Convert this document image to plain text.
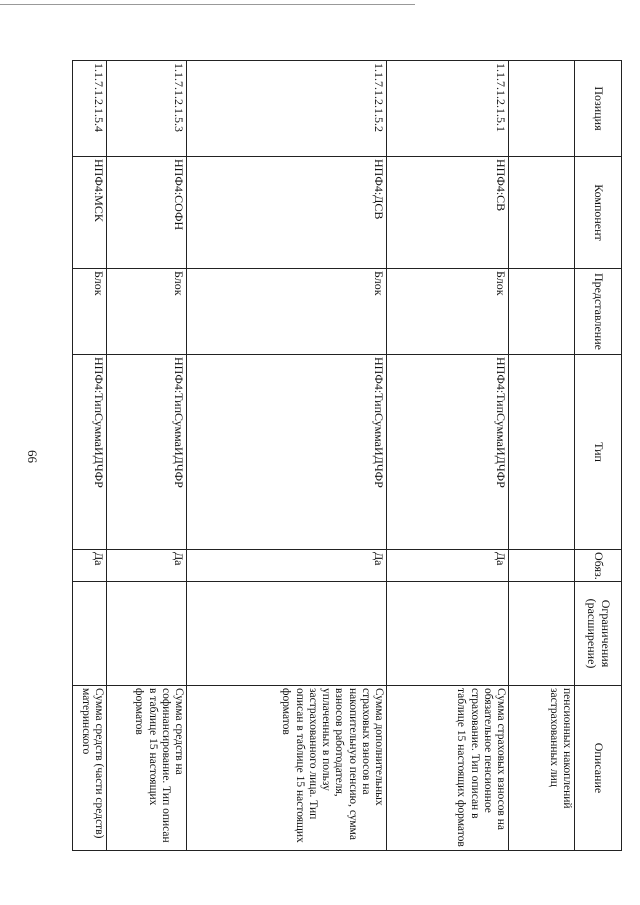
66
Позиция	Компонент	Представление	Тип	Обяз.	Ограничения (расширение)	Описание
						пенсионных накоплений застрахованных лиц
1.1.7.1.2.1.5.1	НПФ4:СВ	Блок	НПФ4:ТипСуммаИДЧФР	Да		Сумма страховых взносов на обязательное пенсионное страхование. Тип описан в таблице 15 настоящих форматов
1.1.7.1.2.1.5.2	НПФ4:ДСВ	Блок	НПФ4:ТипСуммаИДЧФР	Да		Сумма дополнительных страховых взносов на накопительную пенсию, сумма взносов работодателя, уплаченных в пользу застрахованного лица. Тип описан в таблице 15 настоящих форматов
1.1.7.1.2.1.5.3	НПФ4:СОФН	Блок	НПФ4:ТипСуммаИДЧФР	Да		Сумма средств на софинансирование. Тип описан в таблице 15 настоящих форматов
1.1.7.1.2.1.5.4	НПФ4:МСК	Блок	НПФ4:ТипСуммаИДЧФР	Да		Сумма средств (части средств) материнского
